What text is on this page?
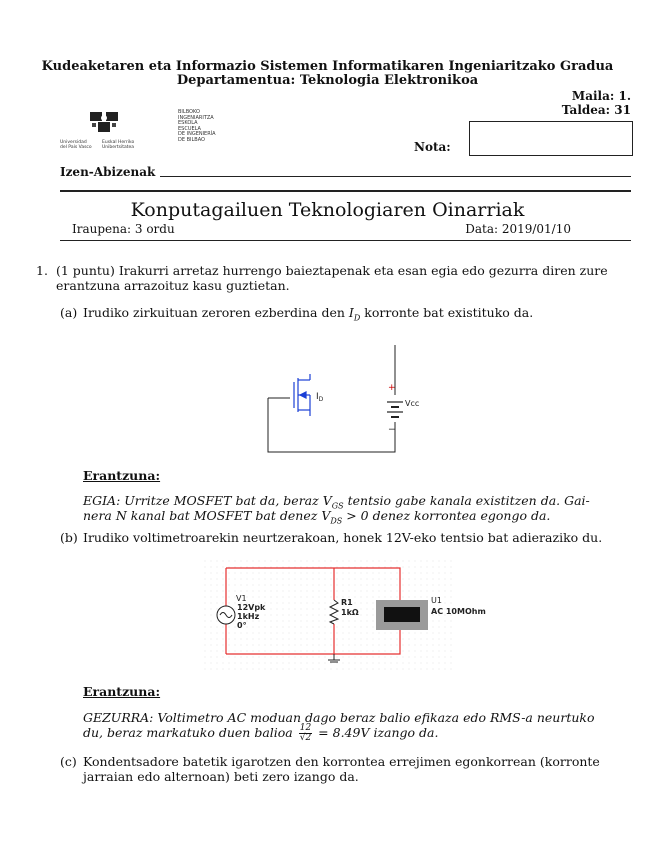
Kudeaketaren eta Informazio Sistemen Informatikaren Ingeniaritzako Gradua
Departamentua: Teknologia Elektronikoa
Maila: 1.
Taldea: 31
Universidad
del País Vasco
Euskal Herriko
Unibertsitatea
BILBOKO
INGENIARITZA
ESKOLA
ESCUELA
DE INGENIERÍA
DE BILBAO
Nota:
Izen-Abizenak
Konputagailuen Teknologiaren Oinarriak
Iraupena: 3 ordu	Data: 2019/01/10
1. (1 puntu) Irakurri arretaz hurrengo baieztapenak eta esan egia edo gezurra diren zure
erantzuna arrazoituz kasu guztietan.
(a) Irudiko zirkuituan zeroren ezberdina den $I_D$ korronte bat existituko da.
$I_D$	Vcc
+
−
Erantzuna:
EGIA: Urritze MOSFET bat da, beraz $V_{GS}$ tentsio gabe kanala existitzen da. Gai-
nera N kanal bat MOSFET bat denez $V_{DS} > 0$ denez korrontea egongo da.
(b) Irudiko voltimetroarekin neurtzerakoan, honek 12V-eko tentsio bat adieraziko du.
V1
12Vpk
1kHz
0°
R1
1kΩ
U1
AC 10MOhm
Erantzuna:
GEZURRA: Voltimetro AC moduan dago beraz balio efikaza edo RMS-a neurtuko
du, beraz markatuko duen balioa $\frac{12}{√2} = 8.49V$ izango da.
(c) Kondentsadore batetik igarotzen den korrontea errejimen egonkorrean (korronte
jarraian edo alternoan) beti zero izango da.
